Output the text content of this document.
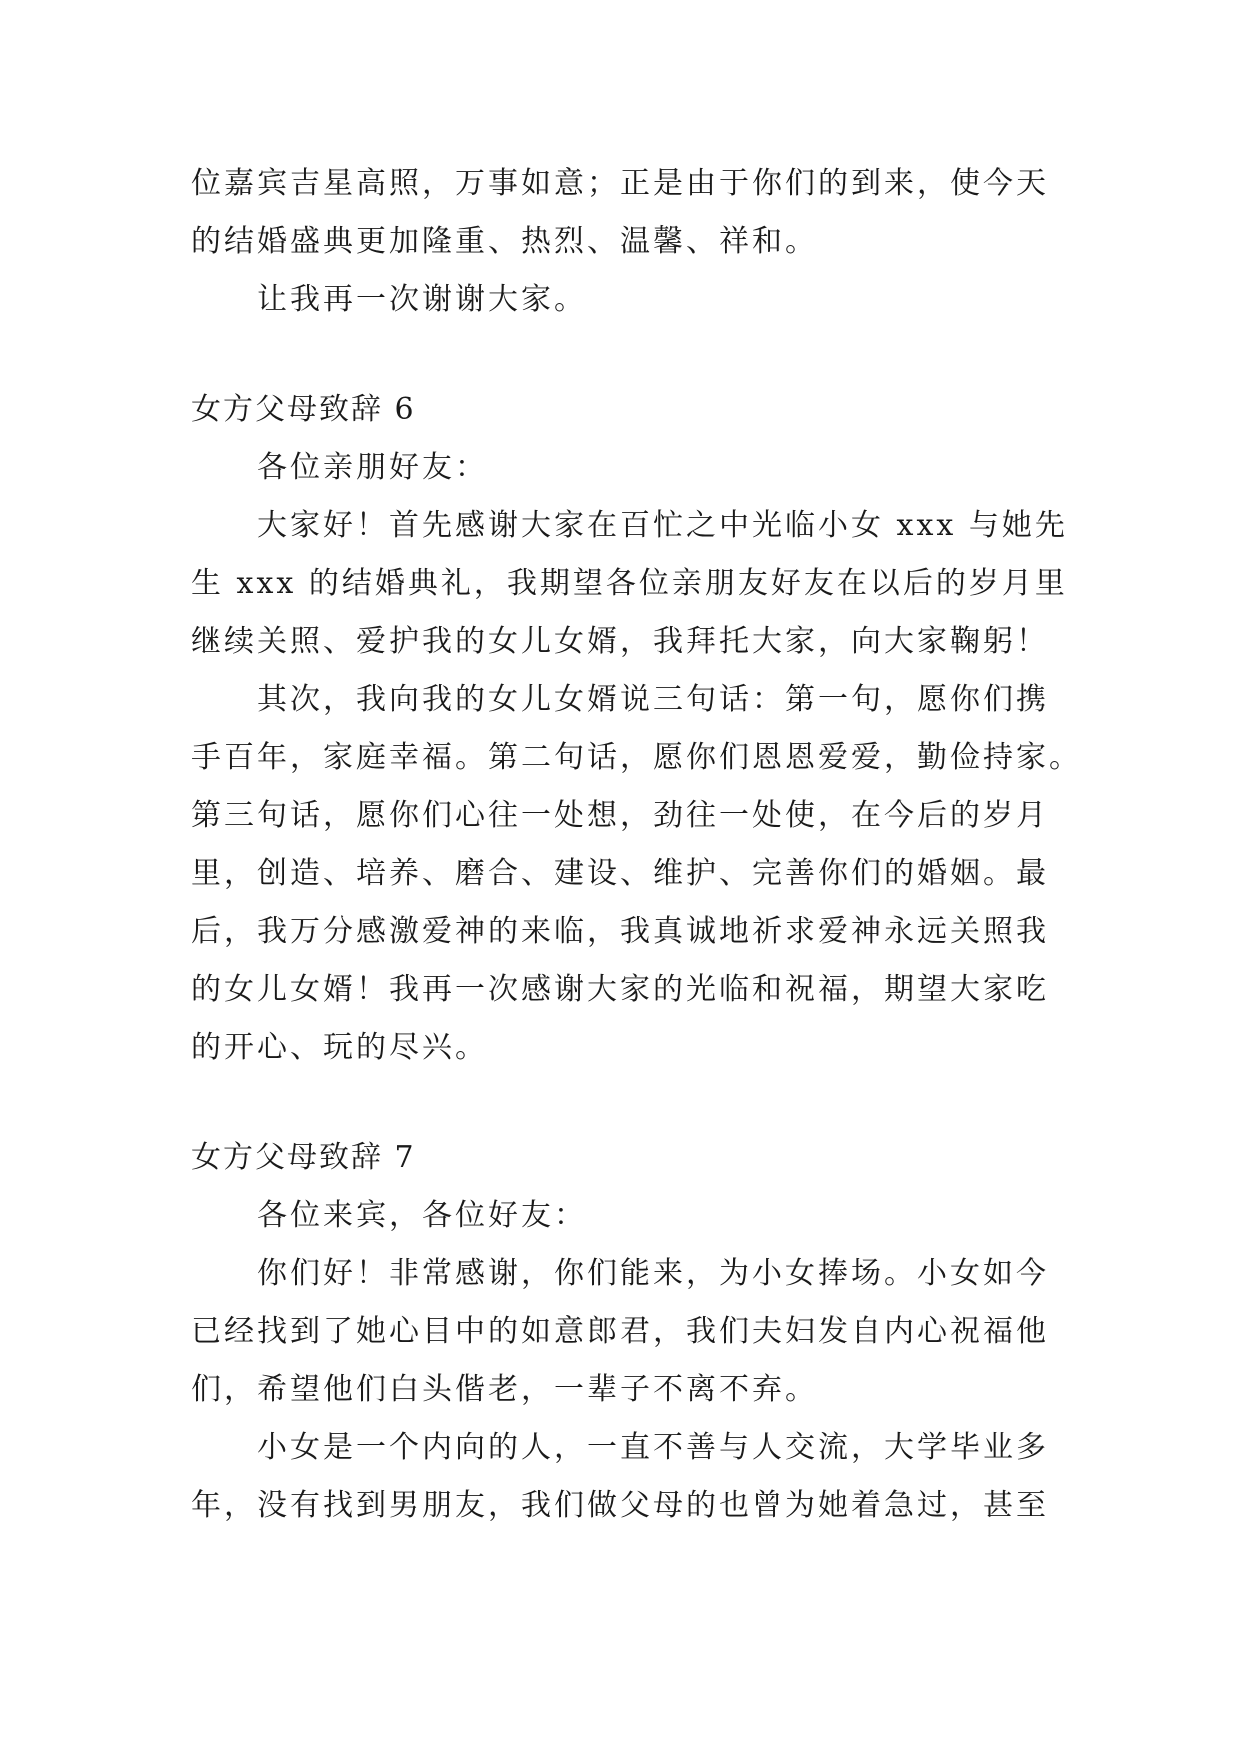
位嘉宾吉星高照，万事如意；正是由于你们的到来，使今天
的结婚盛典更加隆重、热烈、温馨、祥和。
让我再一次谢谢大家。
女方父母致辞 6
各位亲朋好友：
大家好！首先感谢大家在百忙之中光临小女 xxx 与她先
生 xxx 的结婚典礼，我期望各位亲朋友好友在以后的岁月里
继续关照、爱护我的女儿女婿，我拜托大家，向大家鞠躬！
其次，我向我的女儿女婿说三句话：第一句，愿你们携
手百年，家庭幸福。第二句话，愿你们恩恩爱爱，勤俭持家。
第三句话，愿你们心往一处想，劲往一处使，在今后的岁月
里，创造、培养、磨合、建设、维护、完善你们的婚姻。最
后，我万分感激爱神的来临，我真诚地祈求爱神永远关照我
的女儿女婿！我再一次感谢大家的光临和祝福，期望大家吃
的开心、玩的尽兴。
女方父母致辞 7
各位来宾，各位好友：
你们好！非常感谢，你们能来，为小女捧场。小女如今
已经找到了她心目中的如意郎君，我们夫妇发自内心祝福他
们，希望他们白头偕老，一辈子不离不弃。
小女是一个内向的人，一直不善与人交流，大学毕业多
年，没有找到男朋友，我们做父母的也曾为她着急过，甚至
